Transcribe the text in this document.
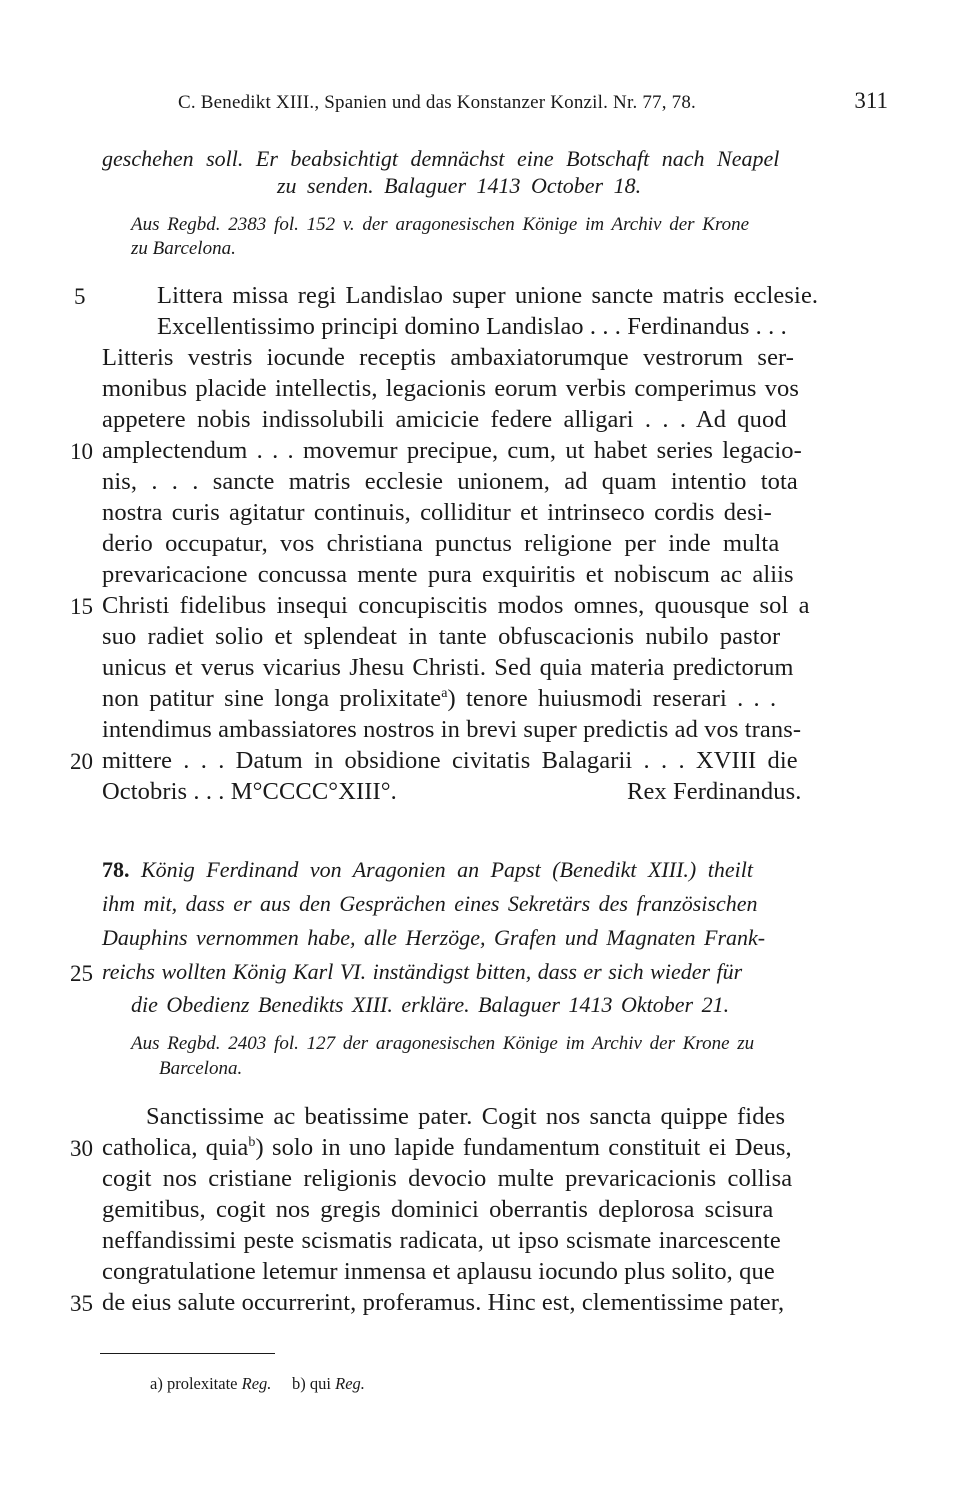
C. Benedikt XIII., Spanien und das Konstanzer Konzil. Nr. 77, 78.	311
geschehen soll. Er beabsichtigt demnächst eine Botschaft nach Neapel
zu senden. Balaguer 1413 October 18.
Aus Regbd. 2383 fol. 152 v. der aragonesischen Könige im Archiv der Krone
zu Barcelona.
Littera missa regi Landislao super unione sancte matris ecclesie.
Excellentissimo principi domino Landislao . . . Ferdinandus . . .
Litteris vestris iocunde receptis ambaxiatorumque vestrorum ser-
monibus placide intellectis, legacionis eorum verbis comperimus vos
appetere nobis indissolubili amicicie federe alligari . . . Ad quod
amplectendum . . . movemur precipue, cum, ut habet series legacio-
nis, . . . sancte matris ecclesie unionem, ad quam intentio tota
nostra curis agitatur continuis, colliditur et intrinseco cordis desi-
derio occupatur, vos christiana punctus religione per inde multa
prevaricacione concussa mente pura exquiritis et nobiscum ac aliis
Christi fidelibus insequi concupiscitis modos omnes, quousque sol a
suo radiet solio et splendeat in tante obfuscacionis nubilo pastor
unicus et verus vicarius Jhesu Christi. Sed quia materia predictorum
non patitur sine longa prolixitate$^a$) tenore huiusmodi reserari . . .
intendimus ambassiatores nostros in brevi super predictis ad vos trans-
mittere . . . Datum in obsidione civitatis Balagarii . . . XVIII die
Octobris . . . M°CCCC°XIII°.	Rex Ferdinandus.
78. König Ferdinand von Aragonien an Papst (Benedikt XIII.) theilt
ihm mit, dass er aus den Gesprächen eines Sekretärs des französischen
Dauphins vernommen habe, alle Herzöge, Grafen und Magnaten Frank-
reichs wollten König Karl VI. inständigst bitten, dass er sich wieder für
die Obedienz Benedikts XIII. erkläre. Balaguer 1413 Oktober 21.
Aus Regbd. 2403 fol. 127 der aragonesischen Könige im Archiv der Krone zu
Barcelona.
Sanctissime ac beatissime pater. Cogit nos sancta quippe fides
catholica, quia$^b$) solo in uno lapide fundamentum constituit ei Deus,
cogit nos cristiane religionis devocio multe prevaricacionis collisa
gemitibus, cogit nos gregis dominici oberrantis deplorosa scisura
neffandissimi peste scismatis radicata, ut ipso scismate inarcescente
congratulatione letemur inmensa et aplausu iocundo plus solito, que
de eius salute occurrerint, proferamus. Hinc est, clementissime pater,
5
10
15
20
25
30
35
a) prolexitate Reg. b) qui Reg.
